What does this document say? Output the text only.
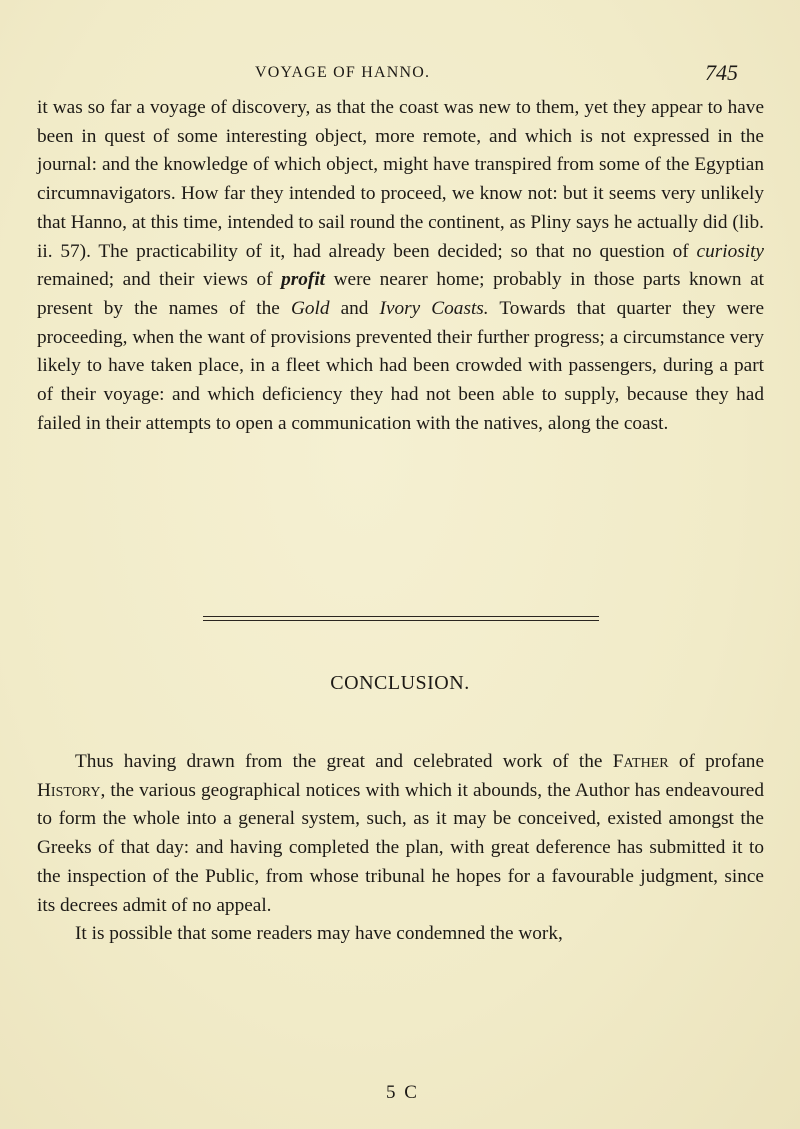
VOYAGE OF HANNO.	745

it was so far a voyage of discovery, as that the coast was new to them, yet they appear to have been in quest of some interesting object, more remote, and which is not expressed in the journal: and the knowledge of which object, might have transpired from some of the Egyptian circumnavigators. How far they intended to proceed, we know not: but it seems very unlikely that Hanno, at this time, intended to sail round the continent, as Pliny says he actually did (lib. ii. 57). The practicability of it, had already been decided; so that no question of curiosity remained; and their views of profit were nearer home; probably in those parts known at present by the names of the Gold and Ivory Coasts. Towards that quarter they were proceeding, when the want of provisions prevented their further progress; a circumstance very likely to have taken place, in a fleet which had been crowded with passengers, during a part of their voyage: and which deficiency they had not been able to supply, because they had failed in their attempts to open a communication with the natives, along the coast.

CONCLUSION.

Thus having drawn from the great and celebrated work of the Father of profane History, the various geographical notices with which it abounds, the Author has endeavoured to form the whole into a general system, such, as it may be conceived, existed amongst the Greeks of that day: and having completed the plan, with great deference has submitted it to the inspection of the Public, from whose tribunal he hopes for a favourable judgment, since its decrees admit of no appeal.

It is possible that some readers may have condemned the work,

5 C
